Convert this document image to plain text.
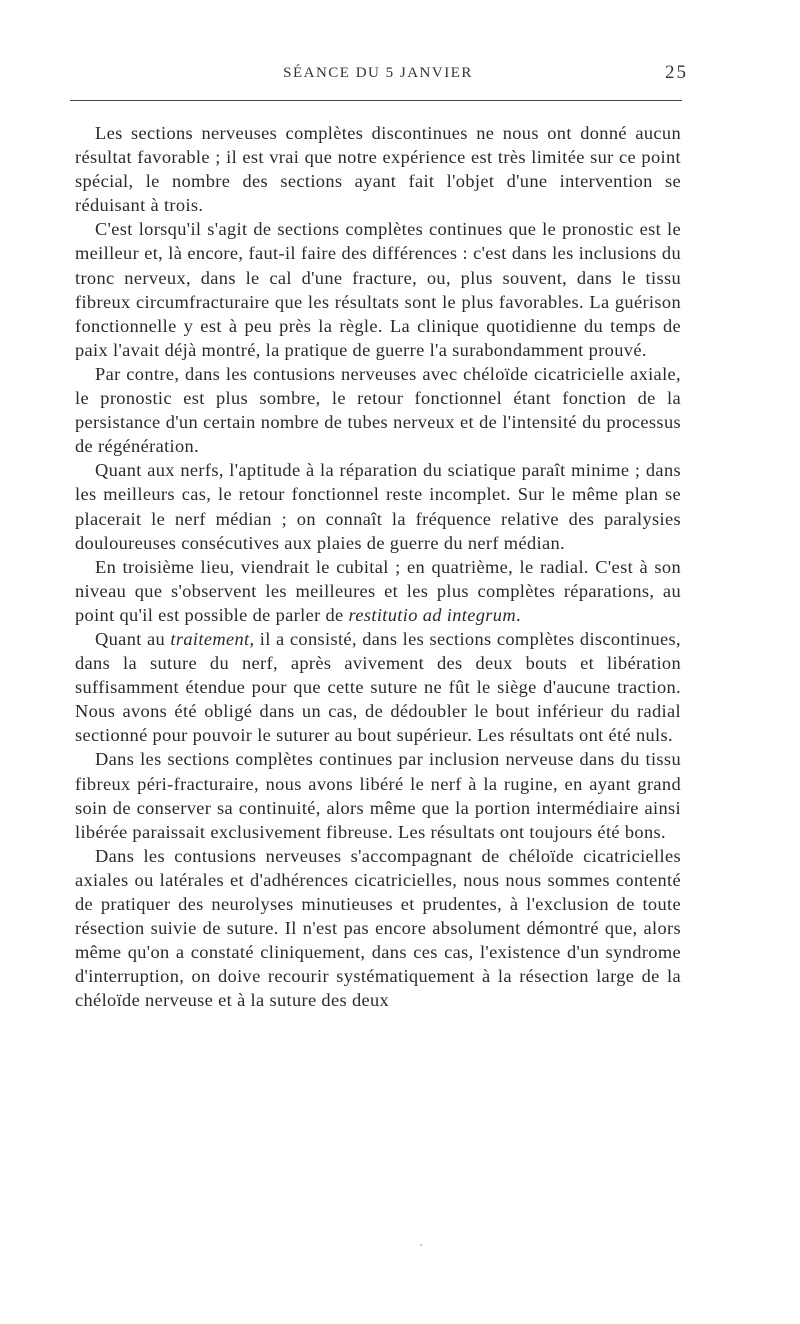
SÉANCE DU 5 JANVIER	25

Les sections nerveuses complètes discontinues ne nous ont donné aucun résultat favorable ; il est vrai que notre expérience est très limitée sur ce point spécial, le nombre des sections ayant fait l'objet d'une intervention se réduisant à trois.

C'est lorsqu'il s'agit de sections complètes continues que le pronostic est le meilleur et, là encore, faut-il faire des différences : c'est dans les inclusions du tronc nerveux, dans le cal d'une fracture, ou, plus souvent, dans le tissu fibreux circumfracturaire que les résultats sont le plus favorables. La guérison fonctionnelle y est à peu près la règle. La clinique quotidienne du temps de paix l'avait déjà montré, la pratique de guerre l'a surabondamment prouvé.

Par contre, dans les contusions nerveuses avec chéloïde cicatricielle axiale, le pronostic est plus sombre, le retour fonctionnel étant fonction de la persistance d'un certain nombre de tubes nerveux et de l'intensité du processus de régénération.

Quant aux nerfs, l'aptitude à la réparation du sciatique paraît minime ; dans les meilleurs cas, le retour fonctionnel reste incomplet. Sur le même plan se placerait le nerf médian ; on connaît la fréquence relative des paralysies douloureuses consécutives aux plaies de guerre du nerf médian.

En troisième lieu, viendrait le cubital ; en quatrième, le radial. C'est à son niveau que s'observent les meilleures et les plus complètes réparations, au point qu'il est possible de parler de restitutio ad integrum.

Quant au traitement, il a consisté, dans les sections complètes discontinues, dans la suture du nerf, après avivement des deux bouts et libération suffisamment étendue pour que cette suture ne fût le siège d'aucune traction. Nous avons été obligé dans un cas, de dédoubler le bout inférieur du radial sectionné pour pouvoir le suturer au bout supérieur. Les résultats ont été nuls.

Dans les sections complètes continues par inclusion nerveuse dans du tissu fibreux péri-fracturaire, nous avons libéré le nerf à la rugine, en ayant grand soin de conserver sa continuité, alors même que la portion intermédiaire ainsi libérée paraissait exclusivement fibreuse. Les résultats ont toujours été bons.

Dans les contusions nerveuses s'accompagnant de chéloïde cicatricielles axiales ou latérales et d'adhérences cicatricielles, nous nous sommes contenté de pratiquer des neurolyses minutieuses et prudentes, à l'exclusion de toute résection suivie de suture. Il n'est pas encore absolument démontré que, alors même qu'on a constaté cliniquement, dans ces cas, l'existence d'un syndrome d'interruption, on doive recourir systématiquement à la résection large de la chéloïde nerveuse et à la suture des deux
